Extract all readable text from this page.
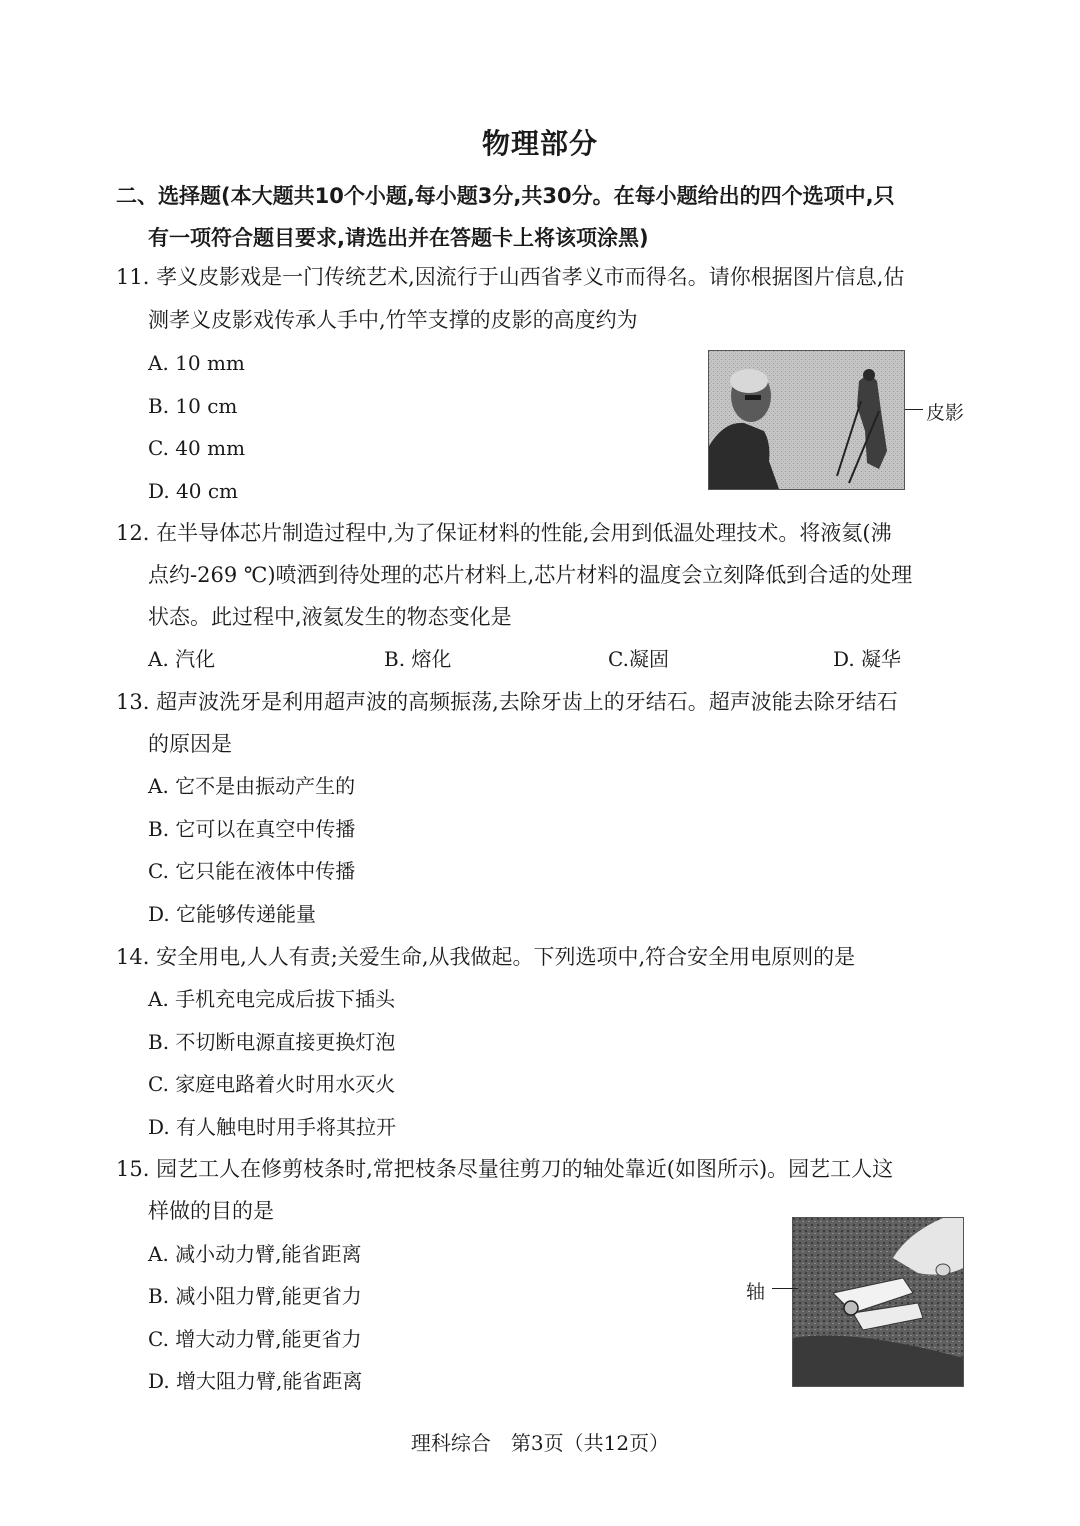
物理部分
二、选择题(本大题共10个小题,每小题3分,共30分。在每小题给出的四个选项中,只
有一项符合题目要求,请选出并在答题卡上将该项涂黑)
11. 孝义皮影戏是一门传统艺术,因流行于山西省孝义市而得名。请你根据图片信息,估
测孝义皮影戏传承人手中,竹竿支撑的皮影的高度约为
A. 10 mm
B. 10 cm
C. 40 mm
D. 40 cm
皮影
12. 在半导体芯片制造过程中,为了保证材料的性能,会用到低温处理技术。将液氦(沸
点约-269 ℃)喷洒到待处理的芯片材料上,芯片材料的温度会立刻降低到合适的处理
状态。此过程中,液氦发生的物态变化是
A. 汽化	B. 熔化	C.凝固	D. 凝华
13. 超声波洗牙是利用超声波的高频振荡,去除牙齿上的牙结石。超声波能去除牙结石
的原因是
A. 它不是由振动产生的
B. 它可以在真空中传播
C. 它只能在液体中传播
D. 它能够传递能量
14. 安全用电,人人有责;关爱生命,从我做起。下列选项中,符合安全用电原则的是
A. 手机充电完成后拔下插头
B. 不切断电源直接更换灯泡
C. 家庭电路着火时用水灭火
D. 有人触电时用手将其拉开
15. 园艺工人在修剪枝条时,常把枝条尽量往剪刀的轴处靠近(如图所示)。园艺工人这
样做的目的是
A. 减小动力臂,能省距离
B. 减小阻力臂,能更省力
C. 增大动力臂,能更省力
D. 增大阻力臂,能省距离
轴
理科综合　第3页（共12页）
